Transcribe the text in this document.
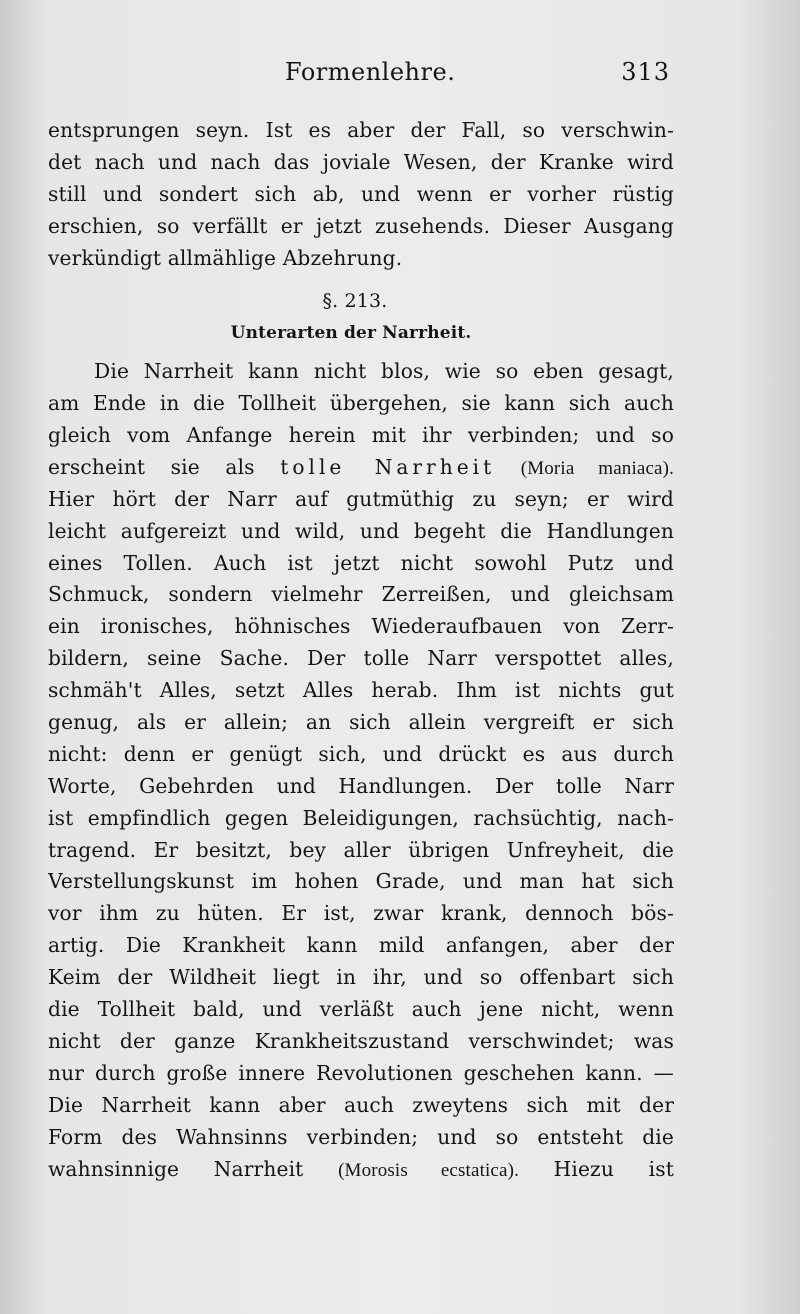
Formenlehre.	313
entsprungen seyn. Ist es aber der Fall, so verschwin-
det nach und nach das joviale Wesen, der Kranke wird
still und sondert sich ab, und wenn er vorher rüstig
erschien, so verfällt er jetzt zusehends. Dieser Ausgang
verkündigt allmählige Abzehrung.
§. 213.
Unterarten der Narrheit.
Die Narrheit kann nicht blos, wie so eben gesagt,
am Ende in die Tollheit übergehen, sie kann sich auch
gleich vom Anfange herein mit ihr verbinden; und so
erscheint sie als tolle Narrheit (Moria maniaca).
Hier hört der Narr auf gutmüthig zu seyn; er wird
leicht aufgereizt und wild, und begeht die Handlungen
eines Tollen. Auch ist jetzt nicht sowohl Putz und
Schmuck, sondern vielmehr Zerreißen, und gleichsam
ein ironisches, höhnisches Wiederaufbauen von Zerr-
bildern, seine Sache. Der tolle Narr verspottet alles,
schmäh't Alles, setzt Alles herab. Ihm ist nichts gut
genug, als er allein; an sich allein vergreift er sich
nicht: denn er genügt sich, und drückt es aus durch
Worte, Gebehrden und Handlungen. Der tolle Narr
ist empfindlich gegen Beleidigungen, rachsüchtig, nach-
tragend. Er besitzt, bey aller übrigen Unfreyheit, die
Verstellungskunst im hohen Grade, und man hat sich
vor ihm zu hüten. Er ist, zwar krank, dennoch bös-
artig. Die Krankheit kann mild anfangen, aber der
Keim der Wildheit liegt in ihr, und so offenbart sich
die Tollheit bald, und verläßt auch jene nicht, wenn
nicht der ganze Krankheitszustand verschwindet; was
nur durch große innere Revolutionen geschehen kann. —
Die Narrheit kann aber auch zweytens sich mit der
Form des Wahnsinns verbinden; und so entsteht die
wahnsinnige Narrheit (Morosis ecstatica). Hiezu ist
